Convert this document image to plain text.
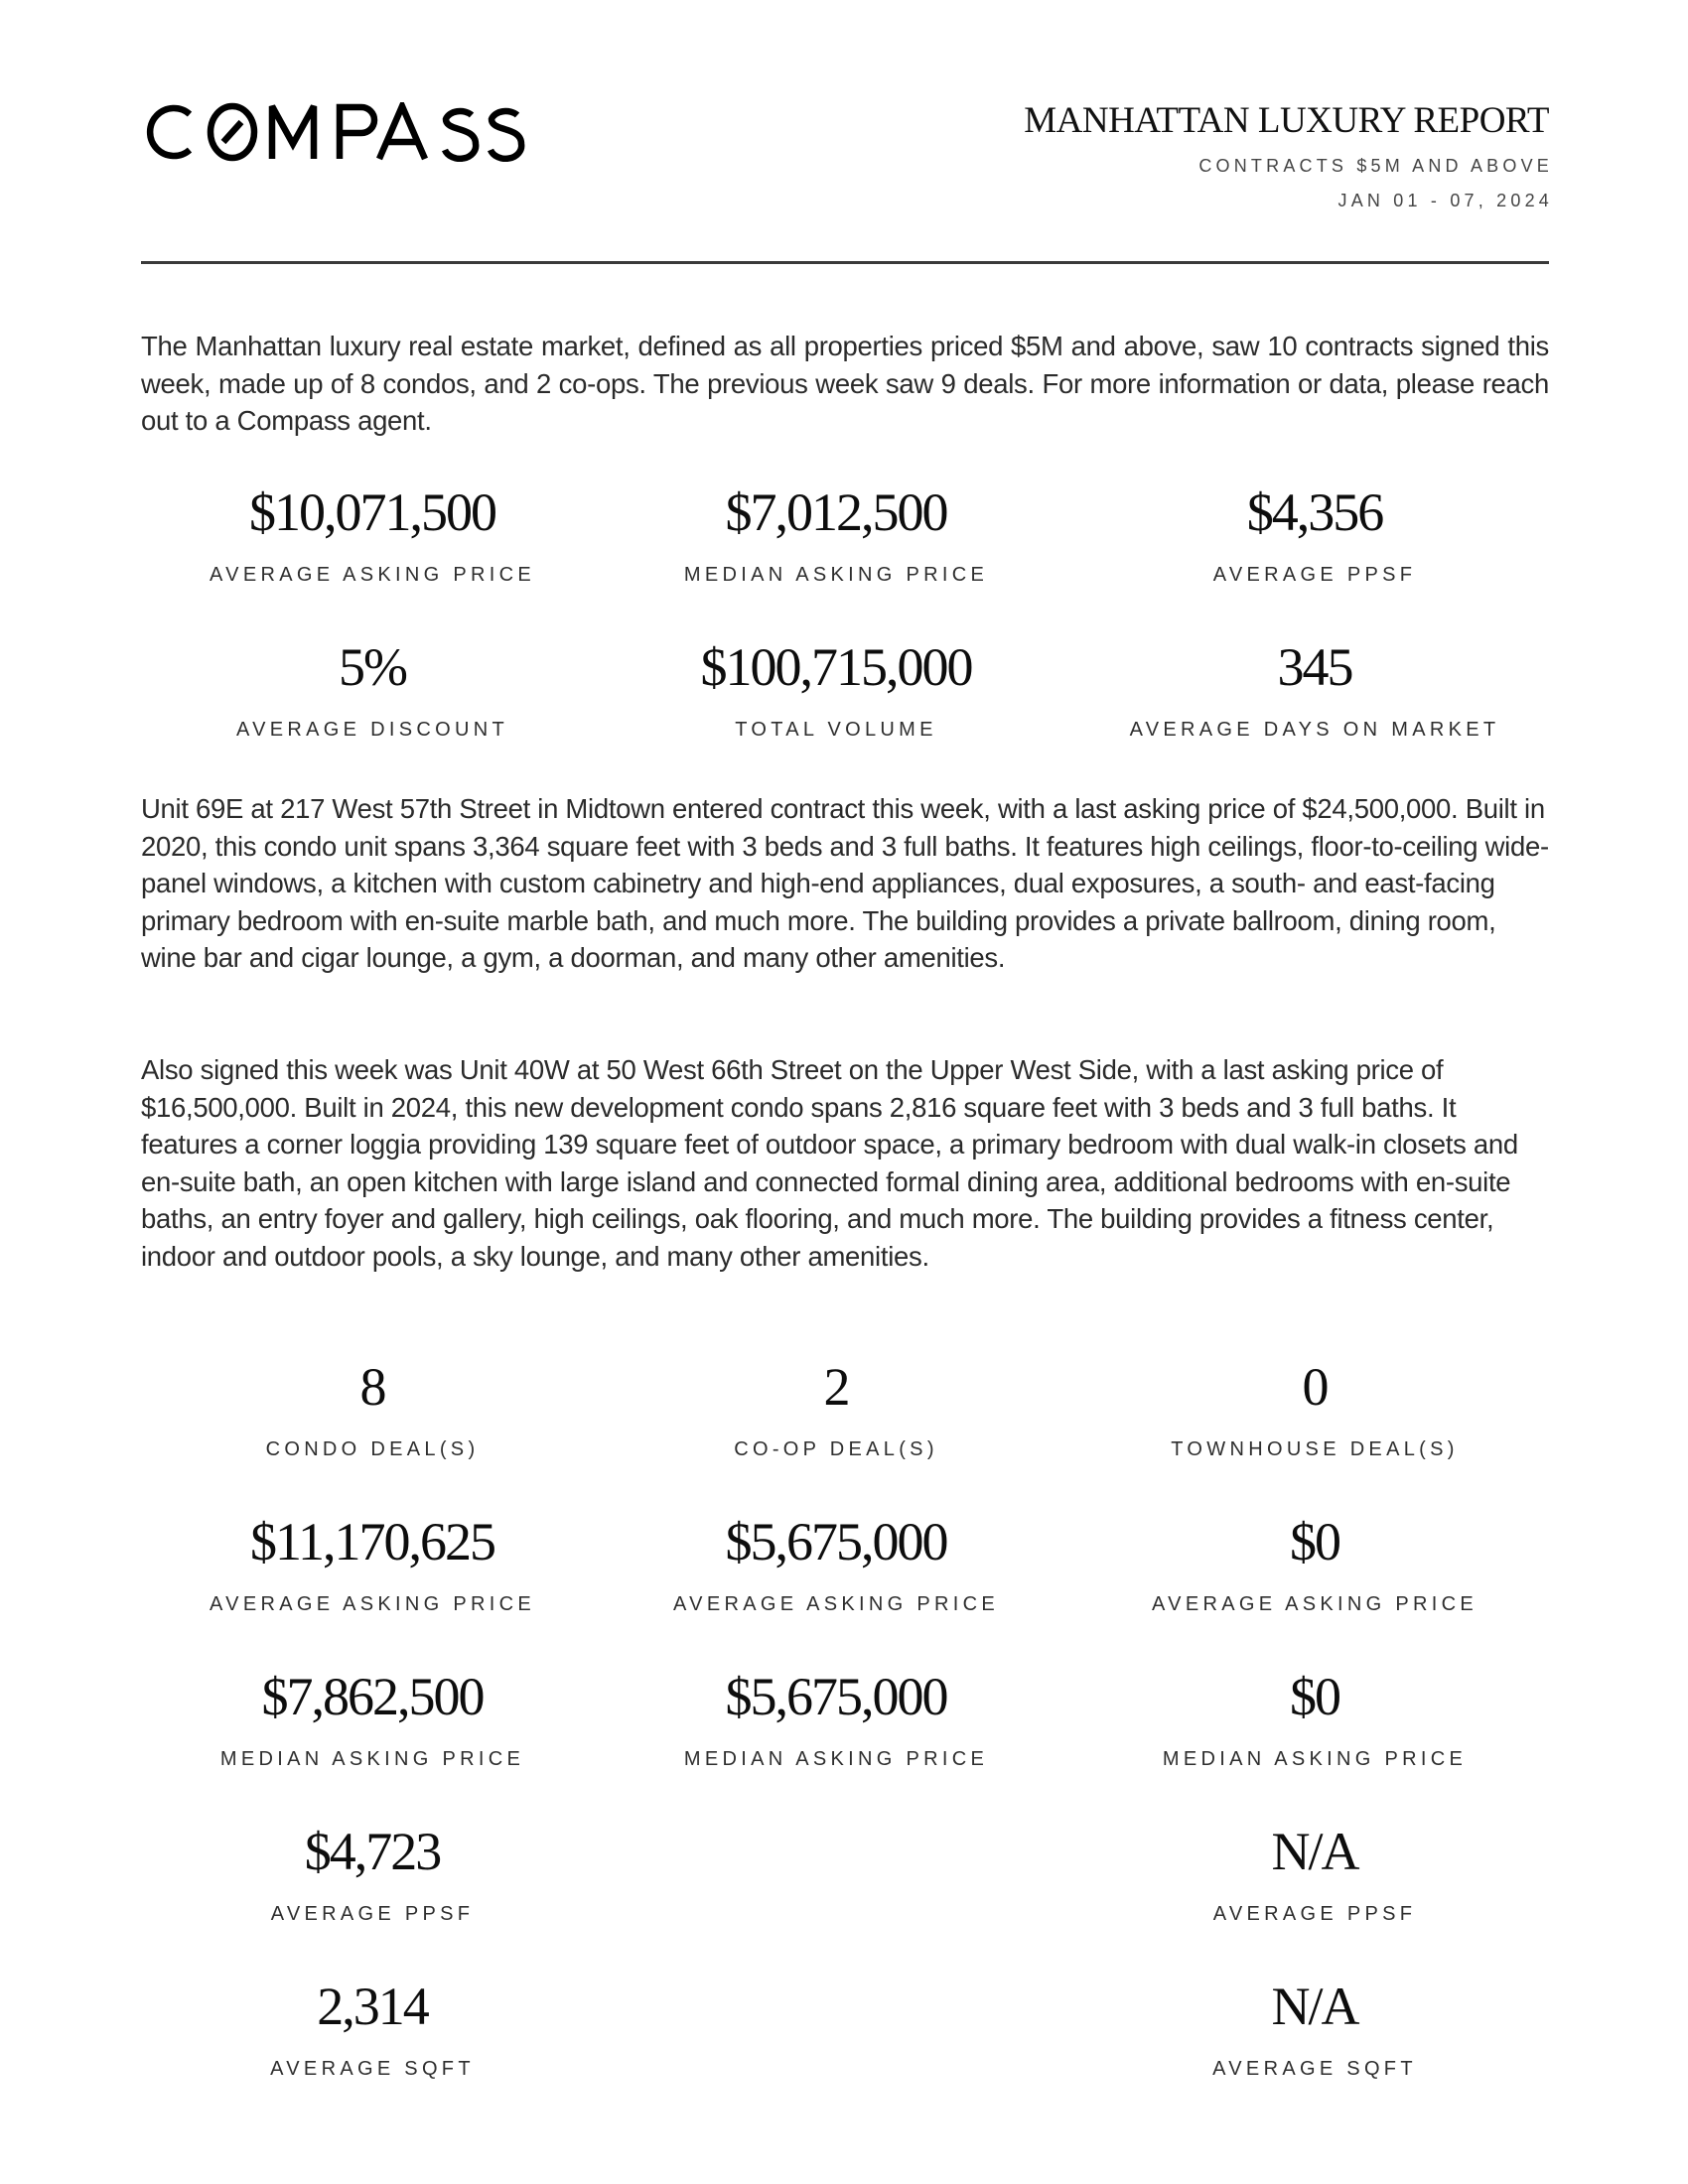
MANHATTAN LUXURY REPORT
CONTRACTS $5M AND ABOVE
JAN 01 - 07, 2024

The Manhattan luxury real estate market, defined as all properties priced $5M and above, saw 10 contracts signed this week, made up of 8 condos, and 2 co-ops. The previous week saw 9 deals. For more information or data, please reach out to a Compass agent.

$10,071,500
AVERAGE ASKING PRICE
$7,012,500
MEDIAN ASKING PRICE
$4,356
AVERAGE PPSF
5%
AVERAGE DISCOUNT
$100,715,000
TOTAL VOLUME
345
AVERAGE DAYS ON MARKET

Unit 69E at 217 West 57th Street in Midtown entered contract this week, with a last asking price of $24,500,000. Built in 2020, this condo unit spans 3,364 square feet with 3 beds and 3 full baths. It features high ceilings, floor-to-ceiling wide-panel windows, a kitchen with custom cabinetry and high-end appliances, dual exposures, a south- and east-facing primary bedroom with en-suite marble bath, and much more. The building provides a private ballroom, dining room, wine bar and cigar lounge, a gym, a doorman, and many other amenities.

Also signed this week was Unit 40W at 50 West 66th Street on the Upper West Side, with a last asking price of $16,500,000. Built in 2024, this new development condo spans 2,816 square feet with 3 beds and 3 full baths. It features a corner loggia providing 139 square feet of outdoor space, a primary bedroom with dual walk-in closets and en-suite bath, an open kitchen with large island and connected formal dining area, additional bedrooms with en-suite baths, an entry foyer and gallery, high ceilings, oak flooring, and much more. The building provides a fitness center, indoor and outdoor pools, a sky lounge, and many other amenities.

8
CONDO DEAL(S)
2
CO-OP DEAL(S)
0
TOWNHOUSE DEAL(S)
$11,170,625
AVERAGE ASKING PRICE
$5,675,000
AVERAGE ASKING PRICE
$0
AVERAGE ASKING PRICE
$7,862,500
MEDIAN ASKING PRICE
$5,675,000
MEDIAN ASKING PRICE
$0
MEDIAN ASKING PRICE
$4,723
AVERAGE PPSF
N/A
AVERAGE PPSF
2,314
AVERAGE SQFT
N/A
AVERAGE SQFT
